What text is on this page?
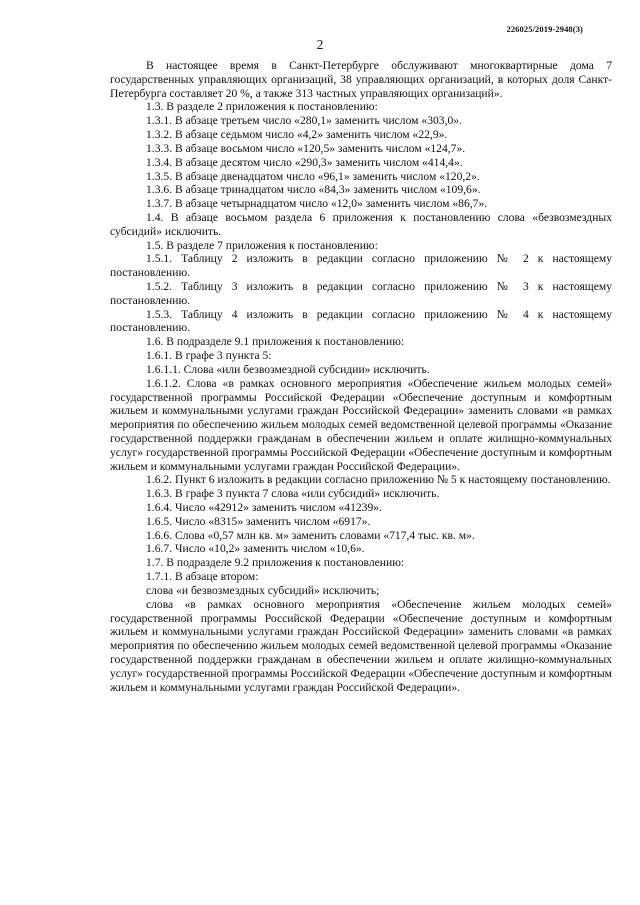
226025/2019-2948(3)
2

В настоящее время в Санкт-Петербурге обслуживают многоквартирные дома 7 государственных управляющих организаций, 38 управляющих организаций, в которых доля Санкт-Петербурга составляет 20 %, а также 313 частных управляющих организаций».

1.3. В разделе 2 приложения к постановлению:

1.3.1. В абзаце третьем число «280,1» заменить числом «303,0».

1.3.2. В абзаце седьмом число «4,2» заменить числом «22,9».

1.3.3. В абзаце восьмом число «120,5» заменить числом «124,7».

1.3.4. В абзаце десятом число «290,3» заменить числом «414,4».

1.3.5. В абзаце двенадцатом число «96,1» заменить числом «120,2».

1.3.6. В абзаце тринадцатом число «84,3» заменить числом «109,6».

1.3.7. В абзаце четырнадцатом число «12,0» заменить числом «86,7».

1.4. В абзаце восьмом раздела 6 приложения к постановлению слова «безвозмездных субсидий» исключить.

1.5. В разделе 7 приложения к постановлению:

1.5.1. Таблицу 2 изложить в редакции согласно приложению № 2 к настоящему постановлению.

1.5.2. Таблицу 3 изложить в редакции согласно приложению № 3 к настоящему постановлению.

1.5.3. Таблицу 4 изложить в редакции согласно приложению № 4 к настоящему постановлению.

1.6. В подразделе 9.1 приложения к постановлению:

1.6.1. В графе 3 пункта 5:

1.6.1.1. Слова «или безвозмездной субсидии» исключить.

1.6.1.2. Слова «в рамках основного мероприятия «Обеспечение жильем молодых семей» государственной программы Российской Федерации «Обеспечение доступным и комфортным жильем и коммунальными услугами граждан Российской Федерации» заменить словами «в рамках мероприятия по обеспечению жильем молодых семей ведомственной целевой программы «Оказание государственной поддержки гражданам в обеспечении жильем и оплате жилищно-коммунальных услуг» государственной программы Российской Федерации «Обеспечение доступным и комфортным жильем и коммунальными услугами граждан Российской Федерации».

1.6.2. Пункт 6 изложить в редакции согласно приложению № 5 к настоящему постановлению.

1.6.3. В графе 3 пункта 7 слова «или субсидий» исключить.

1.6.4. Число «42912» заменить числом «41239».

1.6.5. Число «8315» заменить числом «6917».

1.6.6. Слова «0,57 млн кв. м» заменить словами «717,4 тыс. кв. м».

1.6.7. Число «10,2» заменить числом «10,6».

1.7. В подразделе 9.2 приложения к постановлению:

1.7.1. В абзаце втором:

слова «и безвозмездных субсидий» исключить;

слова «в рамках основного мероприятия «Обеспечение жильем молодых семей» государственной программы Российской Федерации «Обеспечение доступным и комфортным жильем и коммунальными услугами граждан Российской Федерации» заменить словами «в рамках мероприятия по обеспечению жильем молодых семей ведомственной целевой программы «Оказание государственной поддержки гражданам в обеспечении жильем и оплате жилищно-коммунальных услуг» государственной программы Российской Федерации «Обеспечение доступным и комфортным жильем и коммунальными услугами граждан Российской Федерации».
